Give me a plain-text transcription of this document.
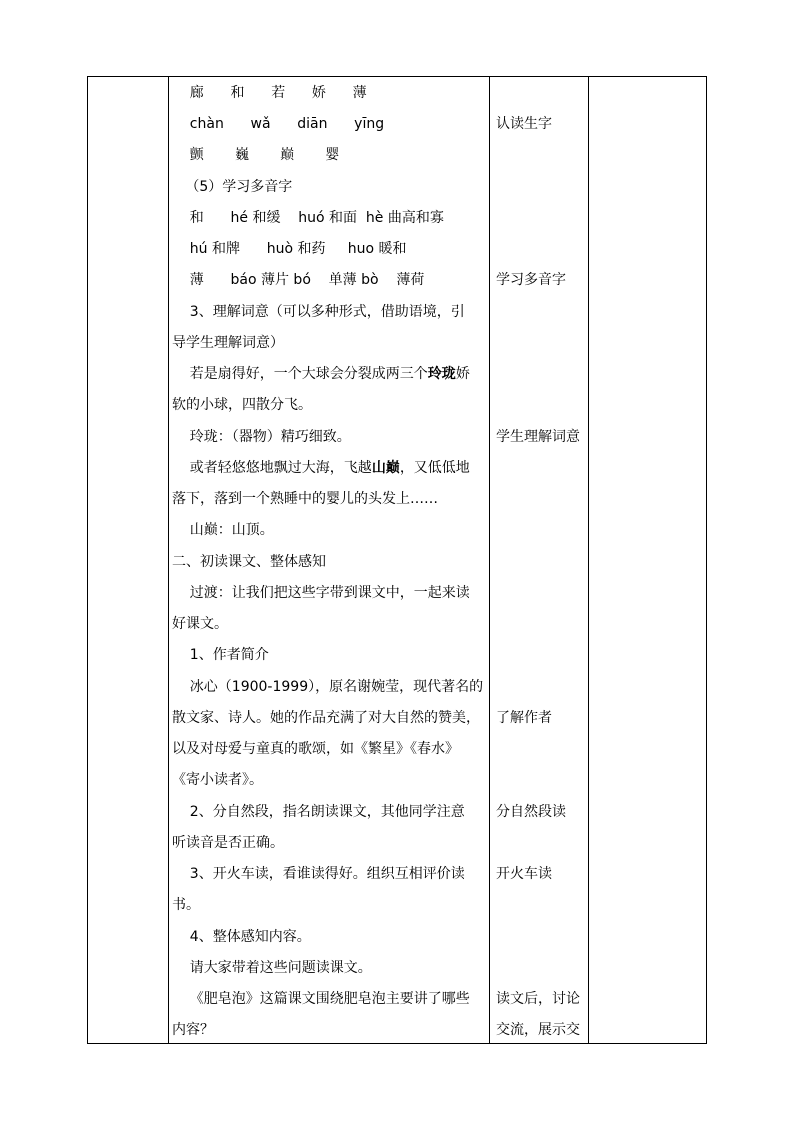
廊      和      若      娇      薄
chàn      wǎ      diān      yīng
颤       巍       巅       婴
（5）学习多音字
和      hé 和缓    huó 和面  hè 曲高和寡
hú 和牌      huò 和药     huo 暖和
薄      báo 薄片 bó    单薄 bò    薄荷
3、理解词意（可以多种形式，借助语境，引
导学生理解词意）
若是扇得好，一个大球会分裂成两三个玲珑娇
软的小球，四散分飞。
玲珑：（器物）精巧细致。
或者轻悠悠地飘过大海，飞越山巅，又低低地
落下，落到一个熟睡中的婴儿的头发上……
山巅：山顶。
二、初读课文、整体感知
过渡：让我们把这些字带到课文中，一起来读
好课文。
1、作者简介
冰心（1900-1999），原名谢婉莹，现代著名的
散文家、诗人。她的作品充满了对大自然的赞美，
以及对母爱与童真的歌颂，如《繁星》《春水》
《寄小读者》。
2、分自然段，指名朗读课文，其他同学注意
听读音是否正确。
3、开火车读，看谁读得好。组织互相评价读
书。
4、整体感知内容。
请大家带着这些问题读课文。
《肥皂泡》这篇课文围绕肥皂泡主要讲了哪些
内容？
认读生字
学习多音字
学生理解词意
了解作者
分自然段读
开火车读
读文后，讨论
交流，展示交
